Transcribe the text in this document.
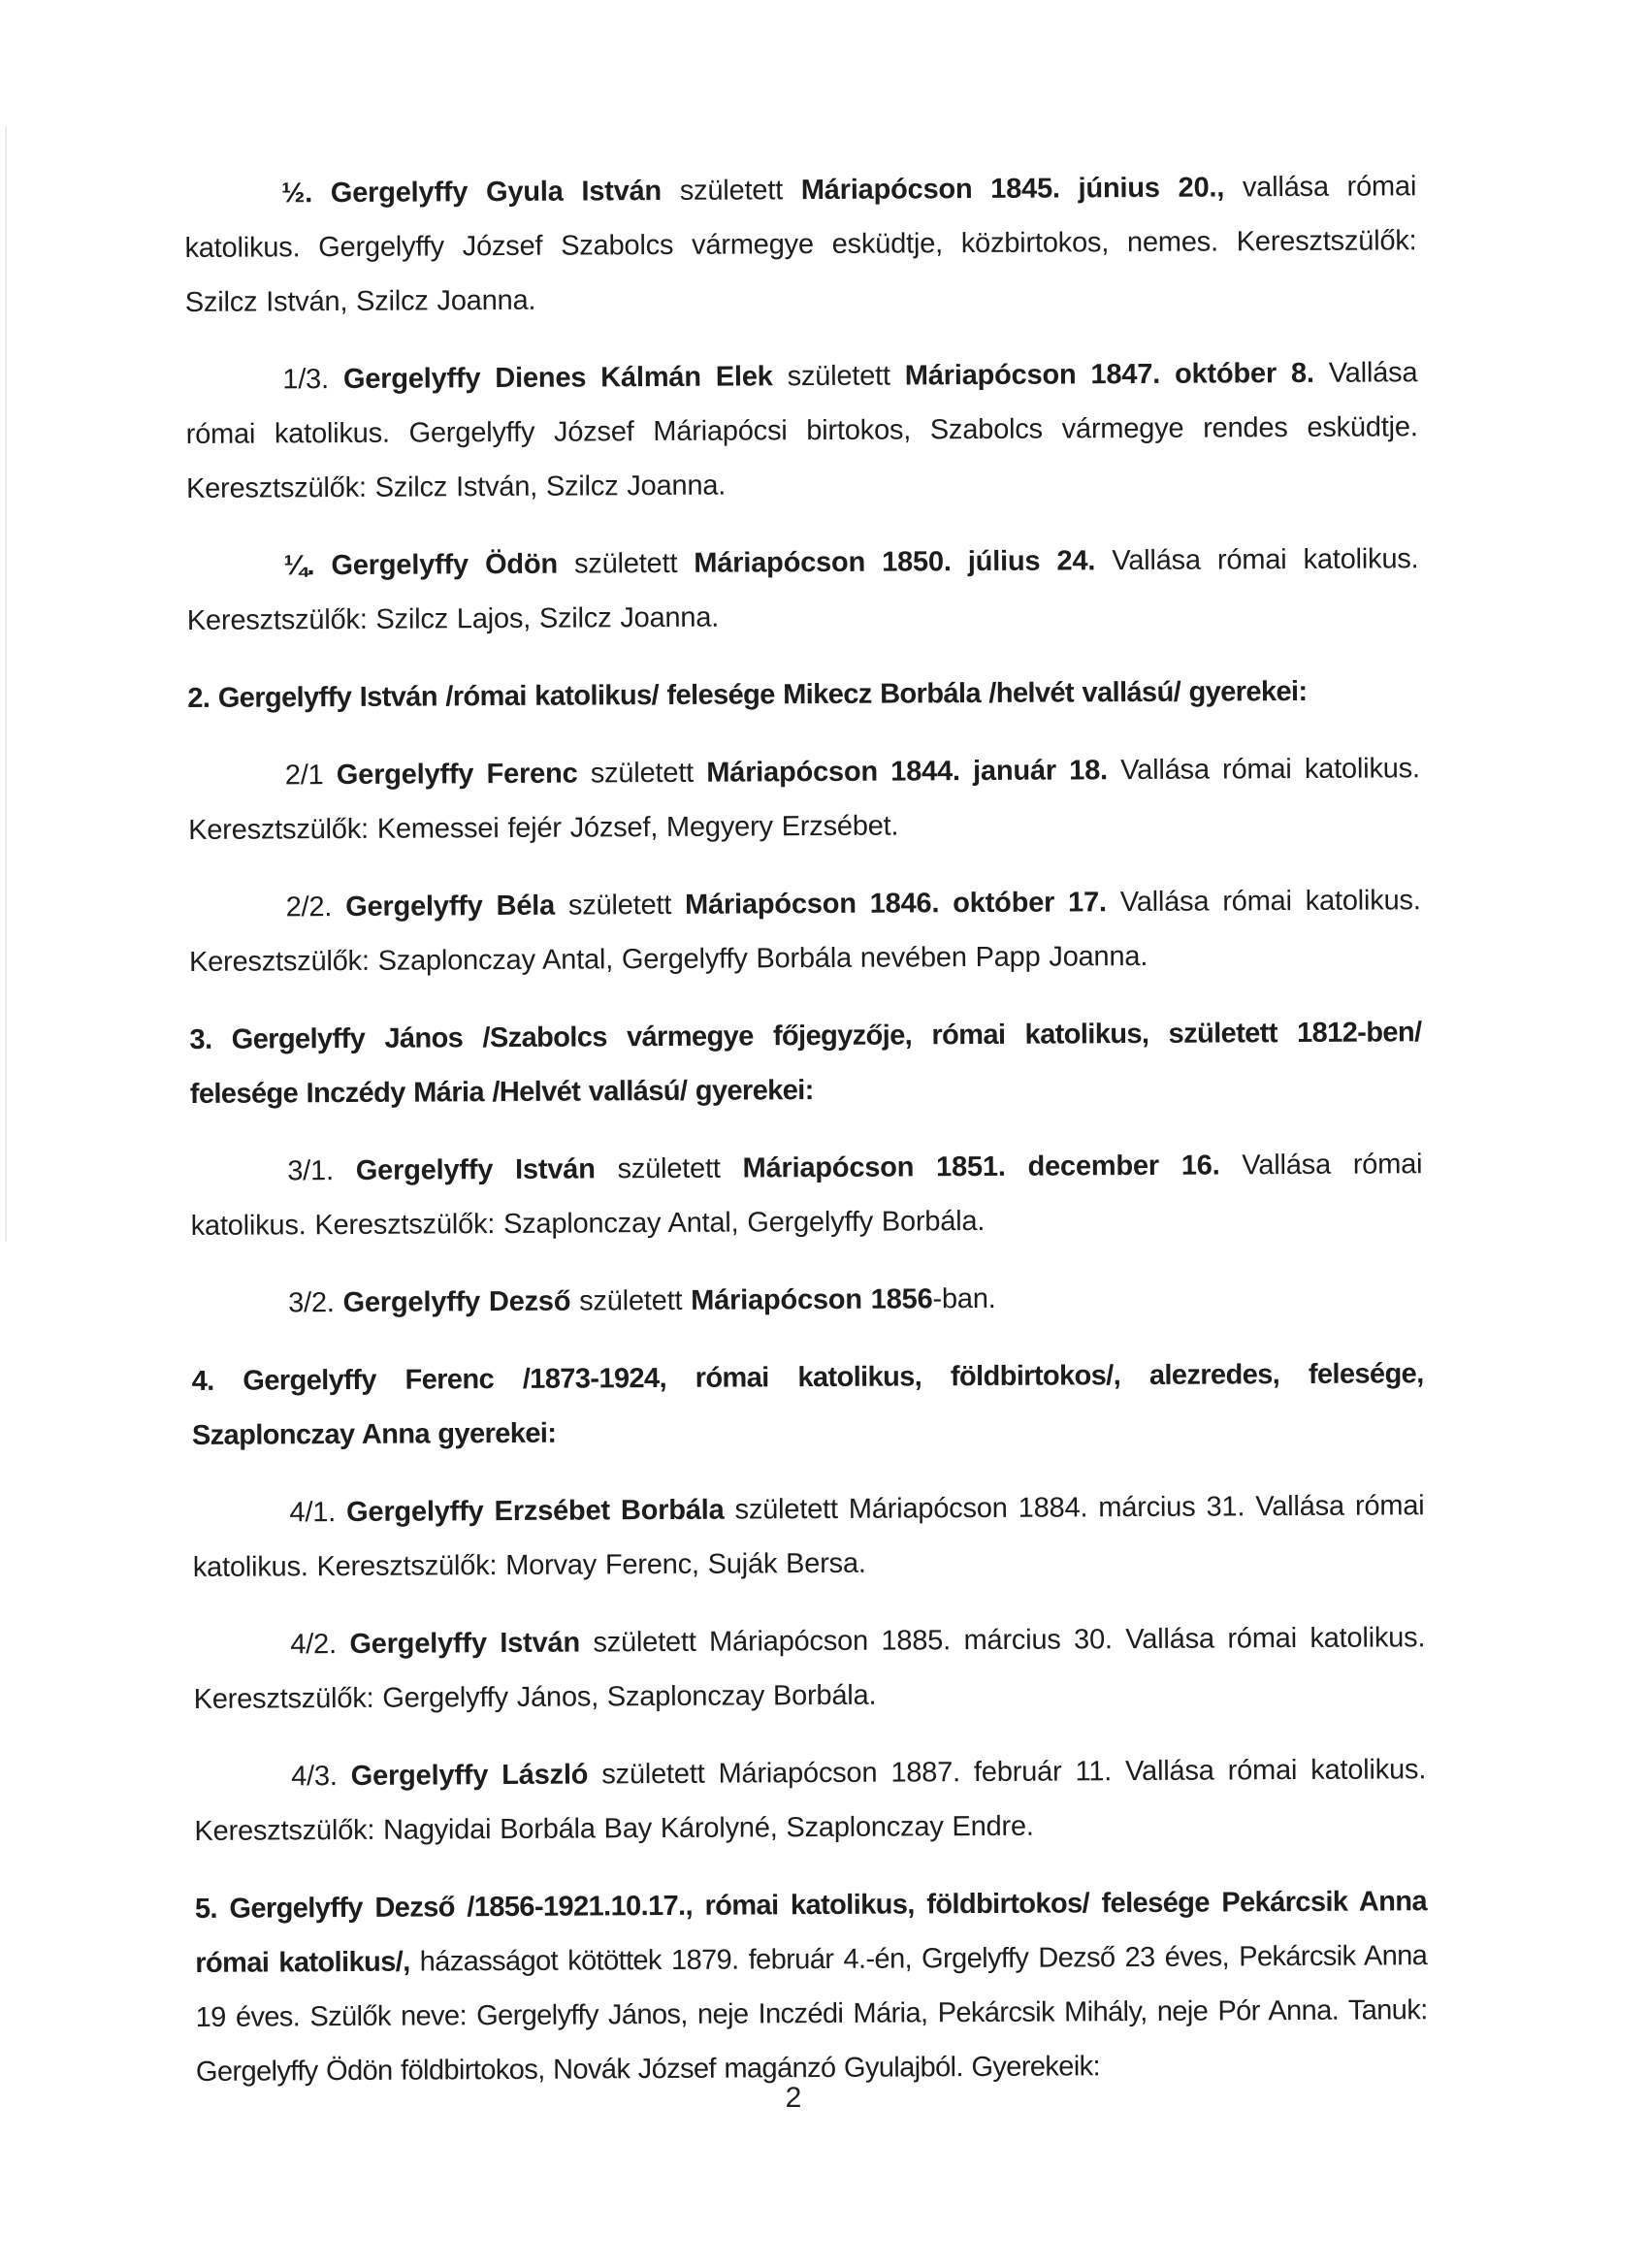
½. Gergelyffy Gyula István született Máriapócson 1845. június 20., vallása római katolikus. Gergelyffy József Szabolcs vármegye esküdtje, közbirtokos, nemes. Keresztszülők: Szilcz István, Szilcz Joanna.

1/3. Gergelyffy Dienes Kálmán Elek született Máriapócson 1847. október 8. Vallása római katolikus. Gergelyffy József Máriapócsi birtokos, Szabolcs vármegye rendes esküdtje. Keresztszülők: Szilcz István, Szilcz Joanna.

¼. Gergelyffy Ödön született Máriapócson 1850. július 24. Vallása római katolikus. Keresztszülők: Szilcz Lajos, Szilcz Joanna.

2. Gergelyffy István /római katolikus/ felesége Mikecz Borbála /helvét vallású/ gyerekei:

2/1 Gergelyffy Ferenc született Máriapócson 1844. január 18. Vallása római katolikus. Keresztszülők: Kemessei fejér József, Megyery Erzsébet.

2/2. Gergelyffy Béla született Máriapócson 1846. október 17. Vallása római katolikus. Keresztszülők: Szaplonczay Antal, Gergelyffy Borbála nevében Papp Joanna.

3. Gergelyffy János /Szabolcs vármegye főjegyzője, római katolikus, született 1812-ben/ felesége Inczédy Mária /Helvét vallású/ gyerekei:

3/1. Gergelyffy István született Máriapócson 1851. december 16. Vallása római katolikus. Keresztszülők: Szaplonczay Antal, Gergelyffy Borbála.

3/2. Gergelyffy Dezső született Máriapócson 1856-ban.

4. Gergelyffy Ferenc /1873-1924, római katolikus, földbirtokos/, alezredes, felesége, Szaplonczay Anna gyerekei:

4/1. Gergelyffy Erzsébet Borbála született Máriapócson 1884. március 31. Vallása római katolikus. Keresztszülők: Morvay Ferenc, Suják Bersa.

4/2. Gergelyffy István született Máriapócson 1885. március 30. Vallása római katolikus. Keresztszülők: Gergelyffy János, Szaplonczay Borbála.

4/3. Gergelyffy László született Máriapócson 1887. február 11. Vallása római katolikus. Keresztszülők: Nagyidai Borbála Bay Károlyné, Szaplonczay Endre.

5. Gergelyffy Dezső /1856-1921.10.17., római katolikus, földbirtokos/ felesége Pekárcsik Anna római katolikus/, házasságot kötöttek 1879. február 4.-én, Grgelyffy Dezső 23 éves, Pekárcsik Anna 19 éves. Szülők neve: Gergelyffy János, neje Inczédi Mária, Pekárcsik Mihály, neje Pór Anna. Tanuk: Gergelyffy Ödön földbirtokos, Novák József magánzó Gyulajból. Gyerekeik:

2
